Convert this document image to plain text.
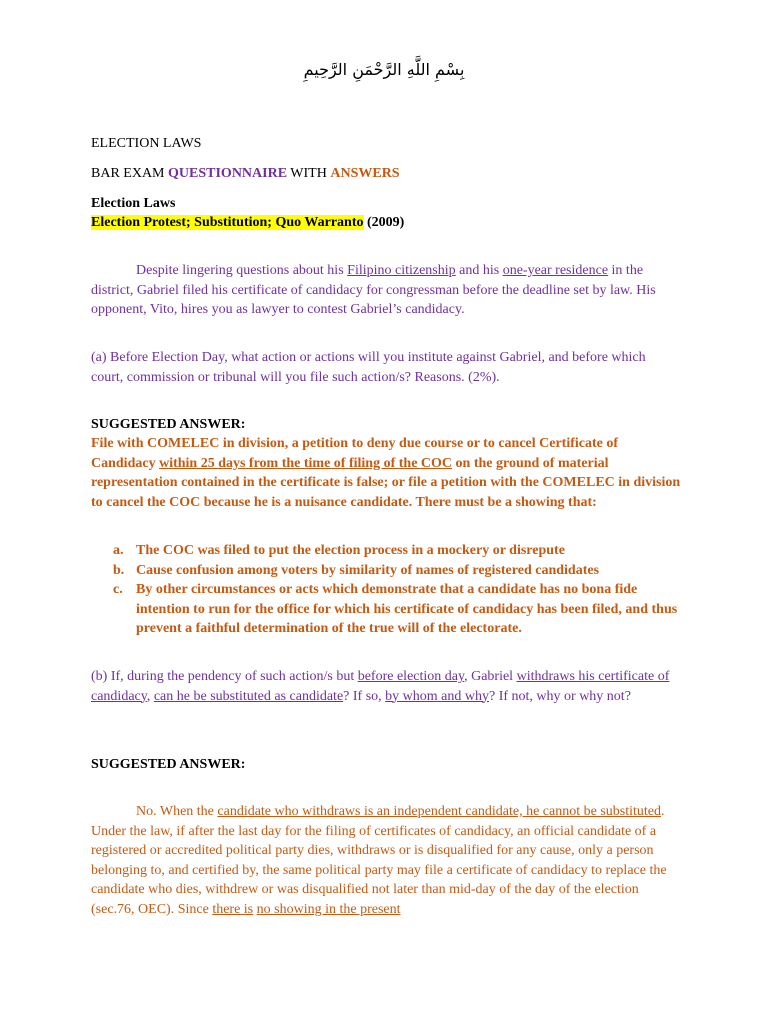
بِسْمِ اللَّهِ الرَّحْمَنِ الرَّحِيمِ
ELECTION LAWS
BAR EXAM QUESTIONNAIRE WITH ANSWERS
Election Laws
Election Protest; Substitution; Quo Warranto (2009)

Despite lingering questions about his Filipino citizenship and his one-year residence in the district, Gabriel filed his certificate of candidacy for congressman before the deadline set by law. His opponent, Vito, hires you as lawyer to contest Gabriel’s candidacy.

(a) Before Election Day, what action or actions will you institute against Gabriel, and before which court, commission or tribunal will you file such action/s? Reasons. (2%).

SUGGESTED ANSWER:

File with COMELEC in division, a petition to deny due course or to cancel Certificate of Candidacy within 25 days from the time of filing of the COC on the ground of material representation contained in the certificate is false; or file a petition with the COMELEC in division to cancel the COC because he is a nuisance candidate. There must be a showing that:

a. The COC was filed to put the election process in a mockery or disrepute
b. Cause confusion among voters by similarity of names of registered candidates
c. By other circumstances or acts which demonstrate that a candidate has no bona fide intention to run for the office for which his certificate of candidacy has been filed, and thus prevent a faithful determination of the true will of the electorate.

(b) If, during the pendency of such action/s but before election day, Gabriel withdraws his certificate of candidacy, can he be substituted as candidate? If so, by whom and why? If not, why or why not?

SUGGESTED ANSWER:

No. When the candidate who withdraws is an independent candidate, he cannot be substituted. Under the law, if after the last day for the filing of certificates of candidacy, an official candidate of a registered or accredited political party dies, withdraws or is disqualified for any cause, only a person belonging to, and certified by, the same political party may file a certificate of candidacy to replace the candidate who dies, withdrew or was disqualified not later than mid-day of the day of the election (sec.76, OEC). Since there is no showing in the present
